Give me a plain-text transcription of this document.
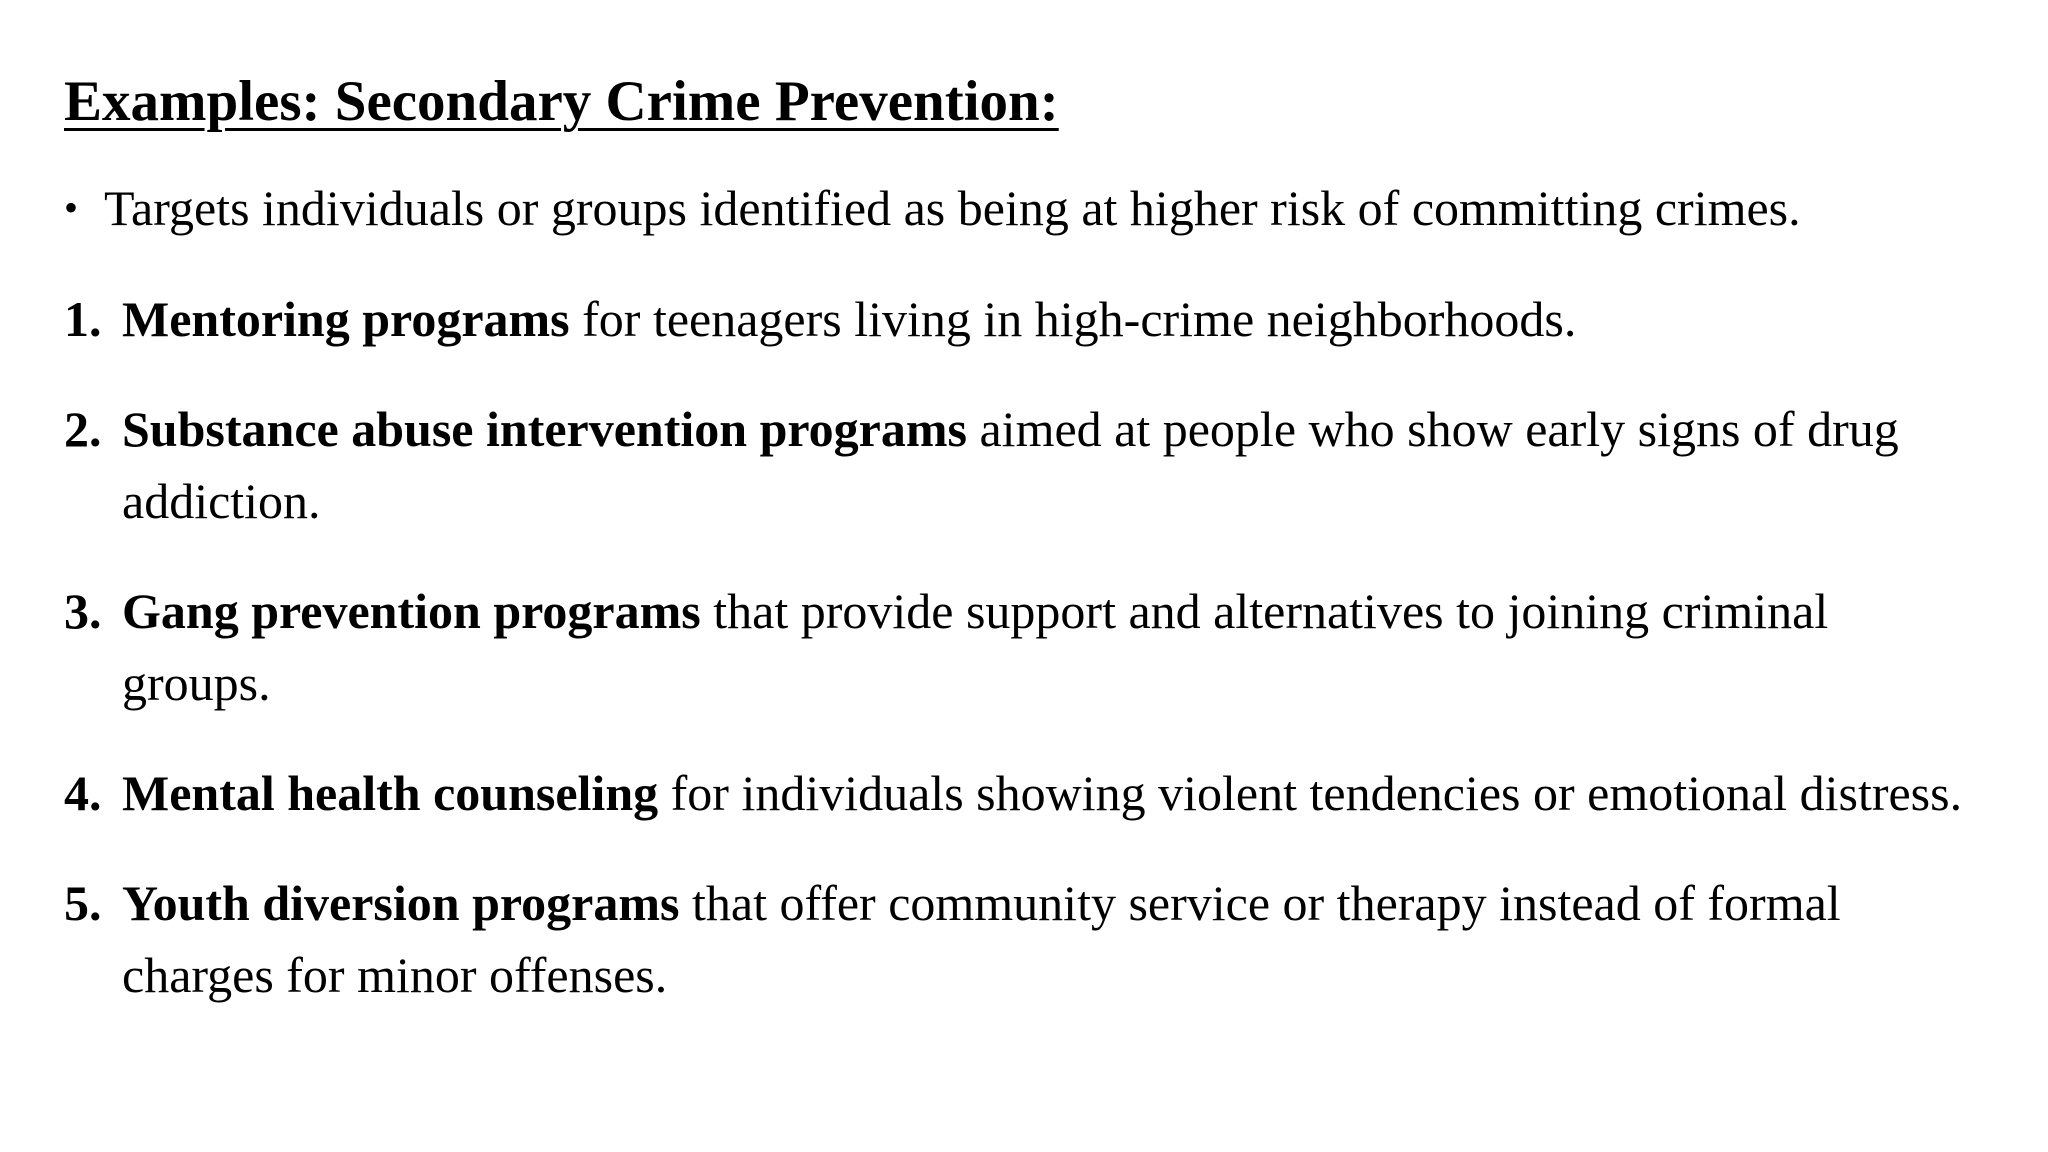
Examples: Secondary Crime Prevention:
• Targets individuals or groups identified as being at higher risk of committing crimes.
1. Mentoring programs for teenagers living in high-crime neighborhoods.
2. Substance abuse intervention programs aimed at people who show early signs of drug addiction.
3. Gang prevention programs that provide support and alternatives to joining criminal groups.
4. Mental health counseling for individuals showing violent tendencies or emotional distress.
5. Youth diversion programs that offer community service or therapy instead of formal charges for minor offenses.
